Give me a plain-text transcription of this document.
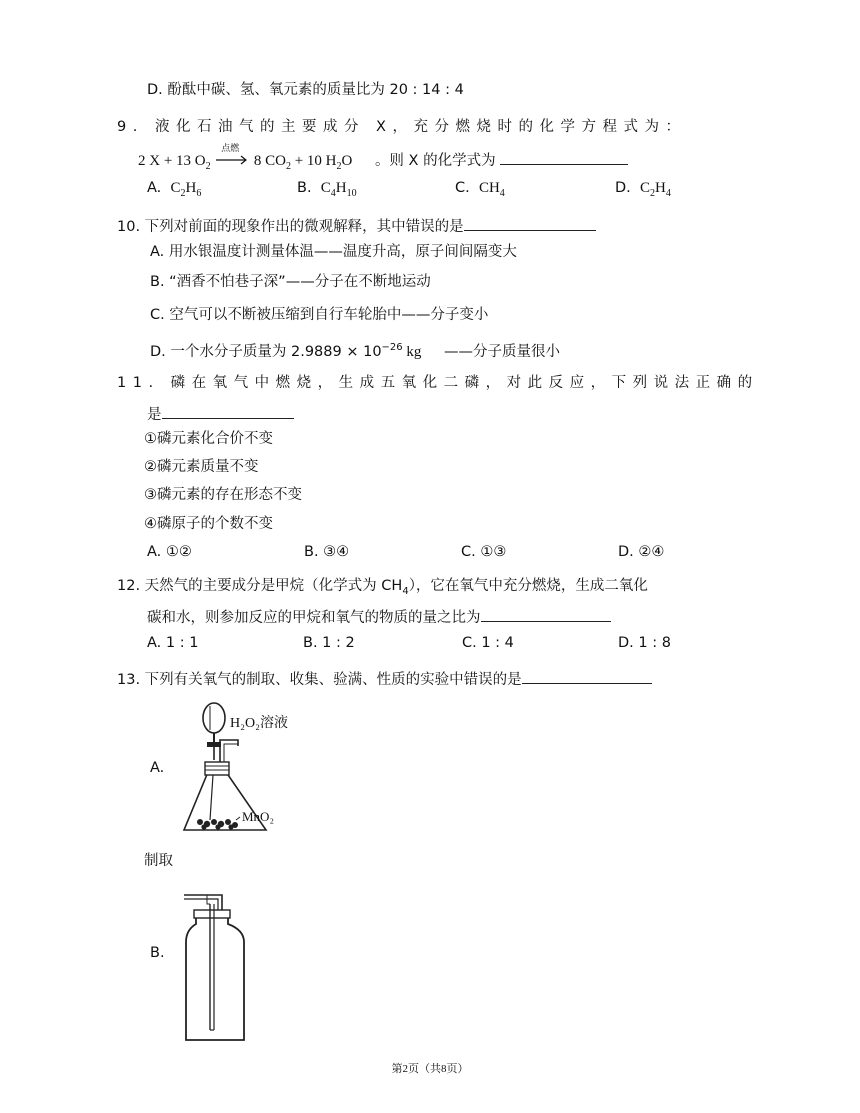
D. 酚酞中碳、氢、氧元素的质量比为 20 : 14 : 4
9. 液化石油气的主要成分 X，充分燃烧时的化学方程式为：
2 X + 13 $O_2$
点燃
8 $CO_2 + 10$ $H_2O$ 。则 X 的化学式为
A. $C_2H_6$	B. $C_4H_{10}$	C. $CH_4$	D. $C_2H_4$
10. 下列对前面的现象作出的微观解释，其中错误的是
A. 用水银温度计测量体温——温度升高，原子间间隔变大
B. “酒香不怕巷子深”——分子在不断地运动
C. 空气可以不断被压缩到自行车轮胎中——分子变小
D. 一个水分子质量为 $2.9889 \times 10^{-26}$ kg ——分子质量很小
11. 磷在氧气中燃烧，生成五氧化二磷，对此反应，下列说法正确的
是
①磷元素化合价不变
②磷元素质量不变
③磷元素的存在形态不变
④磷原子的个数不变
A. ①②	B. ③④	C. ①③	D. ②④
12. 天然气的主要成分是甲烷（化学式为 $CH_4$），它在氧气中充分燃烧，生成二氧化
碳和水，则参加反应的甲烷和氧气的物质的量之比为
A. 1 : 1	B. 1 : 2	C. 1 : 4	D. 1 : 8
13. 下列有关氧气的制取、收集、验满、性质的实验中错误的是
A.
H₂O₂溶液
MnO₂
制取
B.
第2页（共8页）
